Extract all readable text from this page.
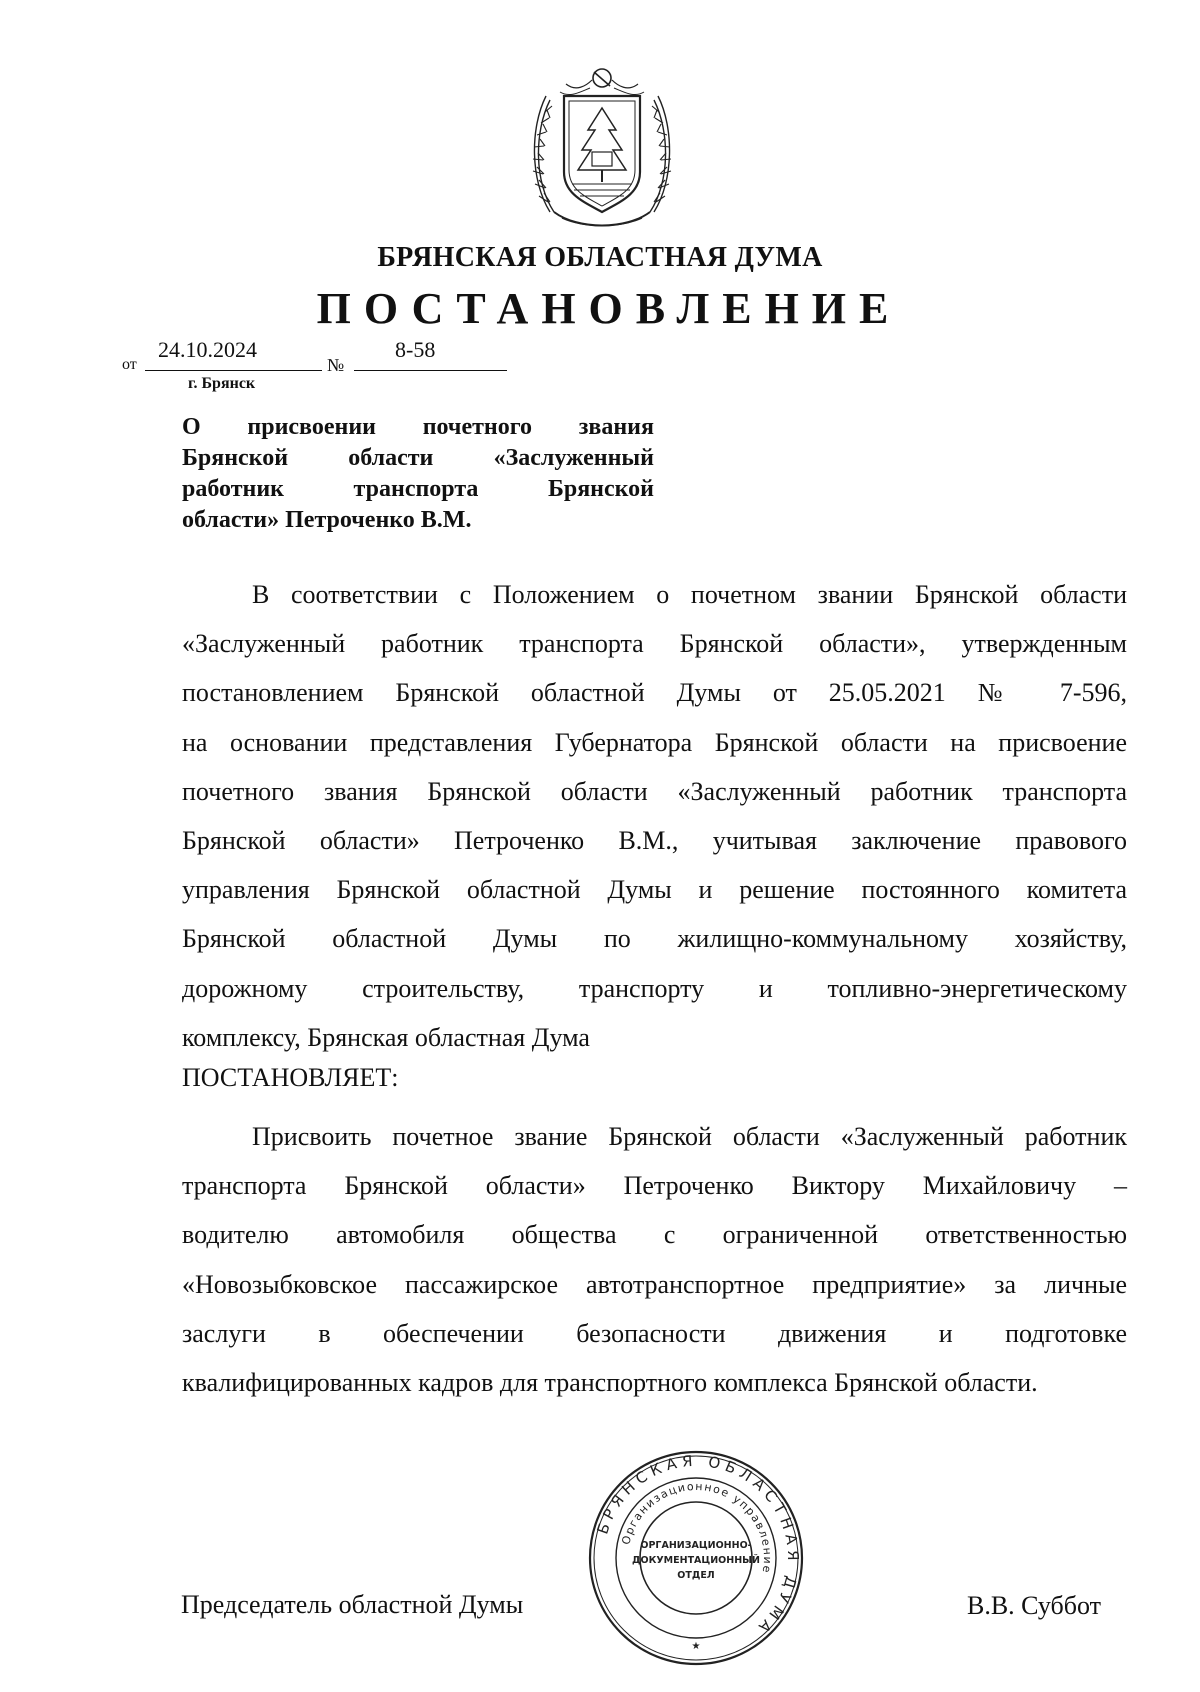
БРЯНСКАЯ ОБЛАСТНАЯ ДУМА
ПОСТАНОВЛЕНИЕ
от
24.10.2024
№
8-58
г. Брянск
О присвоении почетного звания
Брянской области «Заслуженный
работник транспорта Брянской
области» Петроченко В.М.
В соответствии с Положением о почетном звании Брянской области
«Заслуженный работник транспорта Брянской области», утвержденным
постановлением Брянской областной Думы от 25.05.2021 № 7-596,
на основании представления Губернатора Брянской области на присвоение
почетного звания Брянской области «Заслуженный работник транспорта
Брянской области» Петроченко В.М., учитывая заключение правового
управления Брянской областной Думы и решение постоянного комитета
Брянской областной Думы по жилищно-коммунальному хозяйству,
дорожному строительству, транспорту и топливно-энергетическому
комплексу, Брянская областная Дума
ПОСТАНОВЛЯЕТ:
Присвоить почетное звание Брянской области «Заслуженный работник
транспорта Брянской области» Петроченко Виктору Михайловичу –
водителю автомобиля общества с ограниченной ответственностью
«Новозыбковское пассажирское автотранспортное предприятие» за личные
заслуги в обеспечении безопасности движения и подготовке
квалифицированных кадров для транспортного комплекса Брянской области.
Председатель областной Думы	В.В. Суббот
БРЯНСКАЯ ОБЛАСТНАЯ ДУМА
Организационное управление
ОРГАНИЗАЦИОННО-
ДОКУМЕНТАЦИОННЫЙ
ОТДЕЛ
★
